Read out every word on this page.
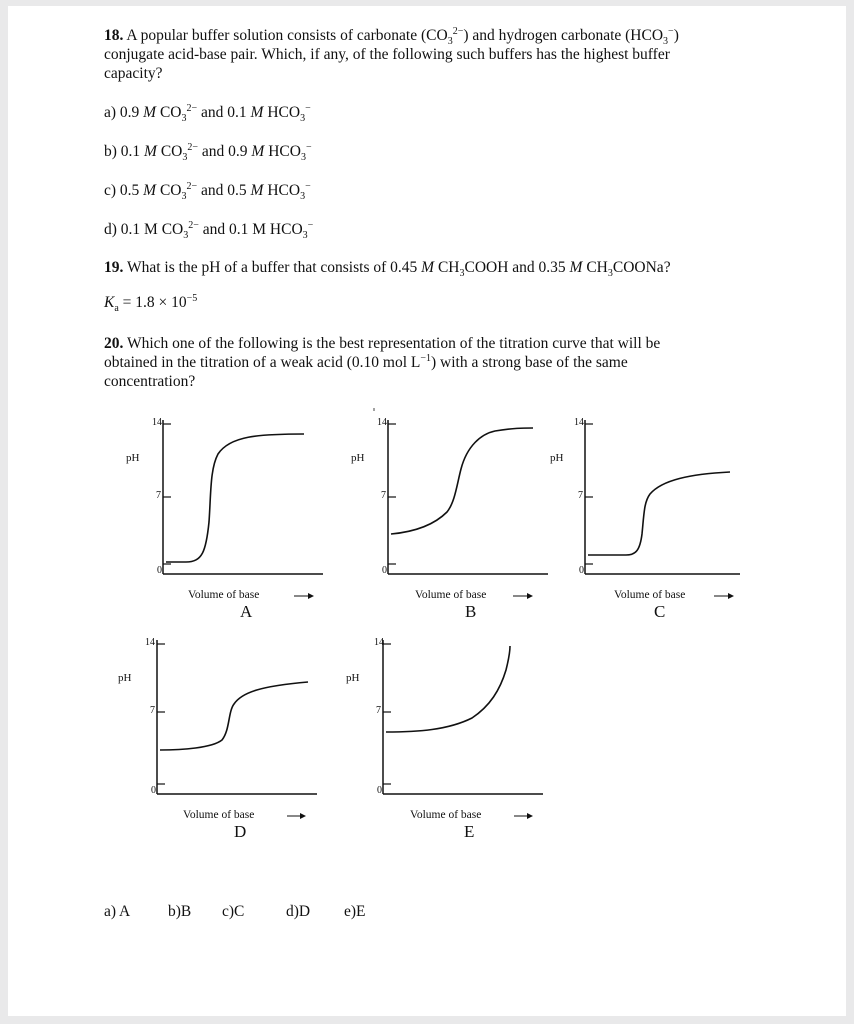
18. A popular buffer solution consists of carbonate $(CO_3^{2-})$ and hydrogen carbonate $(HCO_3^-)$
conjugate acid-base pair. Which, if any, of the following such buffers has the highest buffer
capacity?
a) 0.9 M $CO_3^{2-}$ and 0.1 M $HCO_3^-$
b) 0.1 M $CO_3^{2-}$ and 0.9 M $HCO_3^-$
c) 0.5 M $CO_3^{2-}$ and 0.5 M $HCO_3^-$
d) 0.1 M $CO_3^{2-}$ and 0.1 M $HCO_3^-$
19. What is the pH of a buffer that consists of 0.45 M $CH_3COOH$ and 0.35 M $CH_3COONa$?
$K_a = 1.8 \times 10^{-5}$
20. Which one of the following is the best representation of the titration curve that will be
obtained in the titration of a weak acid (0.10 mol $L^{-1}$) with a strong base of the same
concentration?
14
7
0
pH
Volume of base
A
14
7
0
pH
Volume of base
B
14
7
0
pH
Volume of base
C
14
7
0
pH
Volume of base
D
14
7
0
pH
Volume of base
E
a) A b)B c)C	d)D e)E
